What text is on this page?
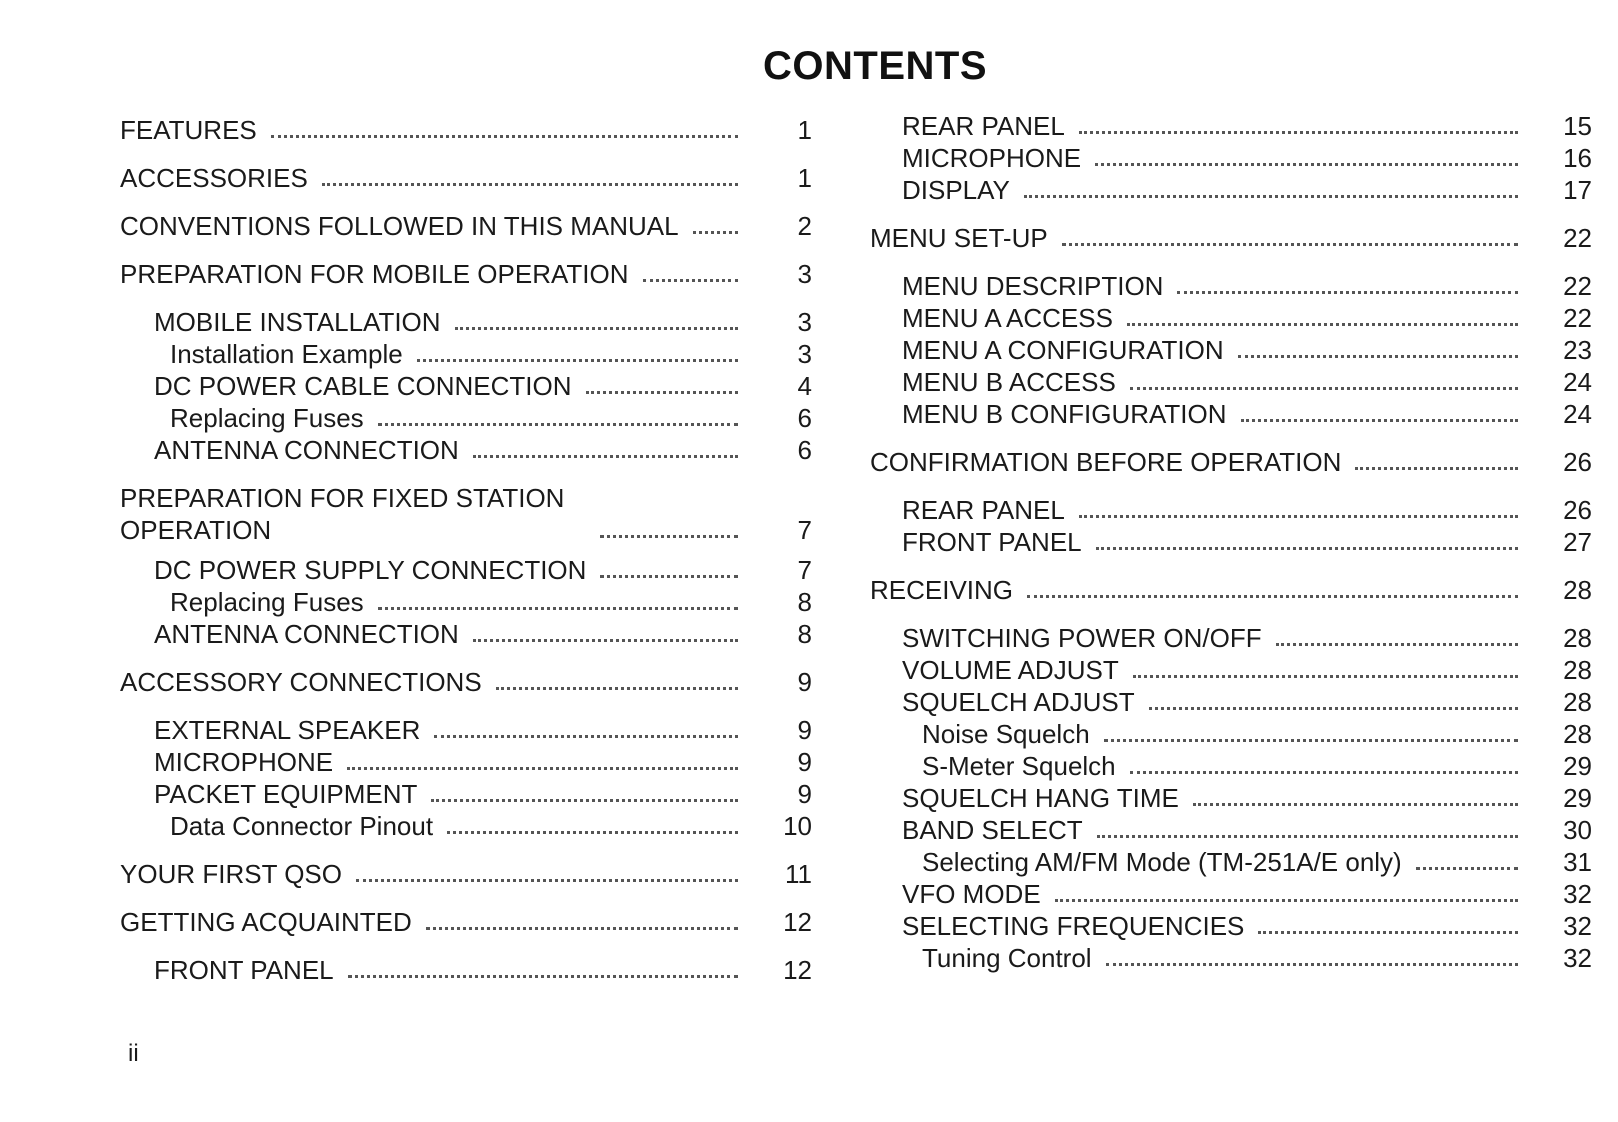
CONTENTS
FEATURES	1
ACCESSORIES	1
CONVENTIONS FOLLOWED IN THIS MANUAL	2
PREPARATION FOR MOBILE OPERATION	3
MOBILE INSTALLATION	3
Installation Example	3
DC POWER CABLE CONNECTION	4
Replacing Fuses	6
ANTENNA CONNECTION	6
PREPARATION FOR FIXED STATION
OPERATION	7
DC POWER SUPPLY CONNECTION	7
Replacing Fuses	8
ANTENNA CONNECTION	8
ACCESSORY CONNECTIONS	9
EXTERNAL SPEAKER	9
MICROPHONE	9
PACKET EQUIPMENT	9
Data Connector Pinout	10
YOUR FIRST QSO	11
GETTING ACQUAINTED	12
FRONT PANEL	12
REAR PANEL	15
MICROPHONE	16
DISPLAY	17
MENU SET-UP	22
MENU DESCRIPTION	22
MENU A ACCESS	22
MENU A CONFIGURATION	23
MENU B ACCESS	24
MENU B CONFIGURATION	24
CONFIRMATION BEFORE OPERATION	26
REAR PANEL	26
FRONT PANEL	27
RECEIVING	28
SWITCHING POWER ON/OFF	28
VOLUME ADJUST	28
SQUELCH ADJUST	28
Noise Squelch	28
S-Meter Squelch	29
SQUELCH HANG TIME	29
BAND SELECT	30
Selecting AM/FM Mode (TM-251A/E only)	31
VFO MODE	32
SELECTING FREQUENCIES	32
Tuning Control	32
ii
